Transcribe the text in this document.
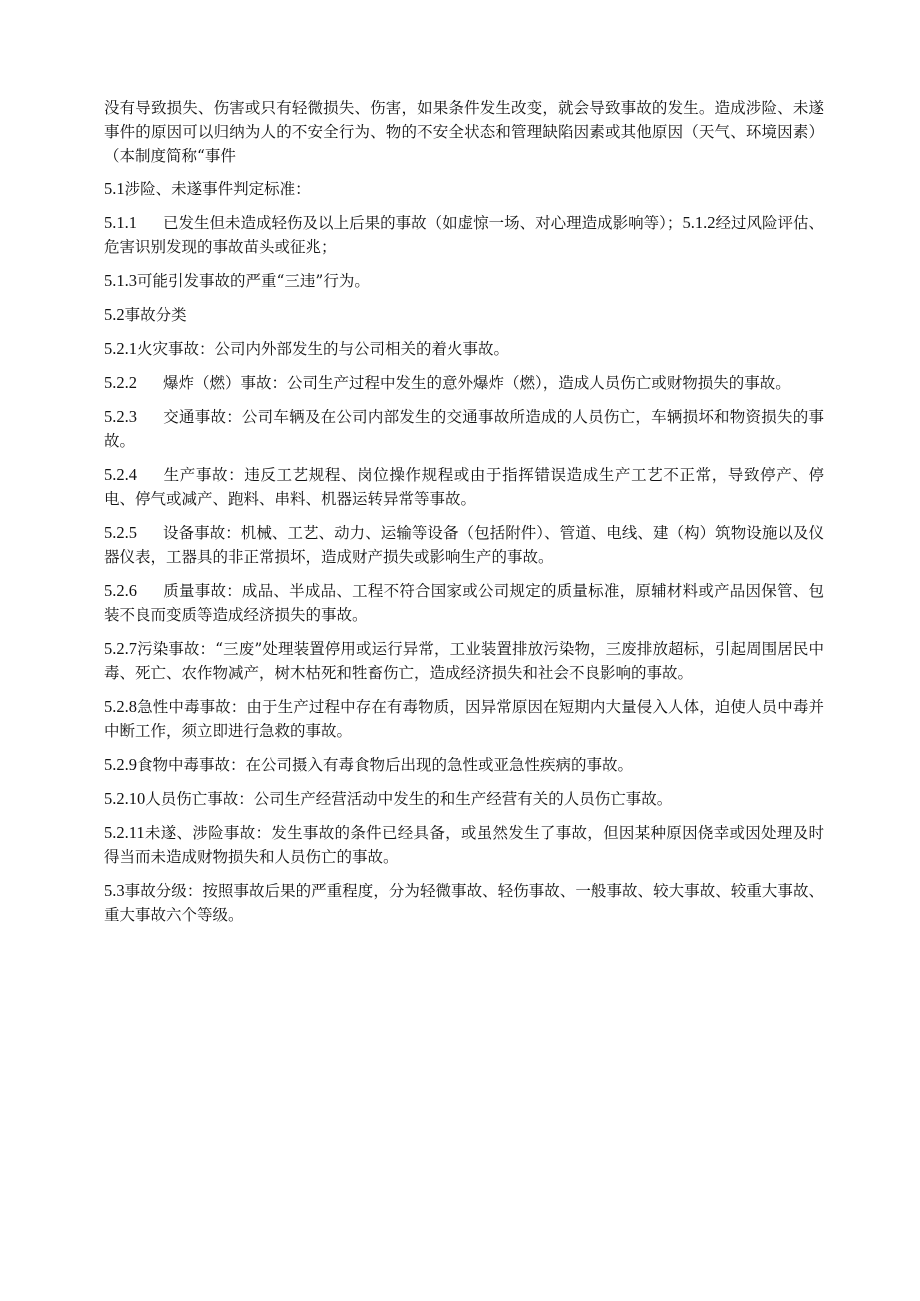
没有导致损失、伤害或只有轻微损失、伤害，如果条件发生改变，就会导致事故的发生。造成涉险、未遂事件的原因可以归纳为人的不安全行为、物的不安全状态和管理缺陷因素或其他原因（天气、环境因素）（本制度简称“事件

5.1涉险、未遂事件判定标准：

5.1.1 已发生但未造成轻伤及以上后果的事故（如虚惊一场、对心理造成影响等）；5.1.2经过风险评估、危害识别发现的事故苗头或征兆；

5.1.3可能引发事故的严重“三违”行为。

5.2事故分类

5.2.1火灾事故：公司内外部发生的与公司相关的着火事故。

5.2.2 爆炸（燃）事故：公司生产过程中发生的意外爆炸（燃），造成人员伤亡或财物损失的事故。

5.2.3 交通事故：公司车辆及在公司内部发生的交通事故所造成的人员伤亡，车辆损坏和物资损失的事故。

5.2.4 生产事故：违反工艺规程、岗位操作规程或由于指挥错误造成生产工艺不正常，导致停产、停电、停气或减产、跑料、串料、机器运转异常等事故。

5.2.5 设备事故：机械、工艺、动力、运输等设备（包括附件）、管道、电线、建（构）筑物设施以及仪器仪表，工器具的非正常损坏，造成财产损失或影响生产的事故。

5.2.6 质量事故：成品、半成品、工程不符合国家或公司规定的质量标准，原辅材料或产品因保管、包装不良而变质等造成经济损失的事故。

5.2.7污染事故：“三废”处理装置停用或运行异常，工业装置排放污染物，三废排放超标，引起周围居民中毒、死亡、农作物减产，树木枯死和牲畜伤亡，造成经济损失和社会不良影响的事故。

5.2.8急性中毒事故：由于生产过程中存在有毒物质，因异常原因在短期内大量侵入人体，迫使人员中毒并中断工作，须立即进行急救的事故。

5.2.9食物中毒事故：在公司摄入有毒食物后出现的急性或亚急性疾病的事故。

5.2.10人员伤亡事故：公司生产经营活动中发生的和生产经营有关的人员伤亡事故。

5.2.11未遂、涉险事故：发生事故的条件已经具备，或虽然发生了事故，但因某种原因侥幸或因处理及时得当而未造成财物损失和人员伤亡的事故。

5.3事故分级：按照事故后果的严重程度，分为轻微事故、轻伤事故、一般事故、较大事故、较重大事故、重大事故六个等级。
